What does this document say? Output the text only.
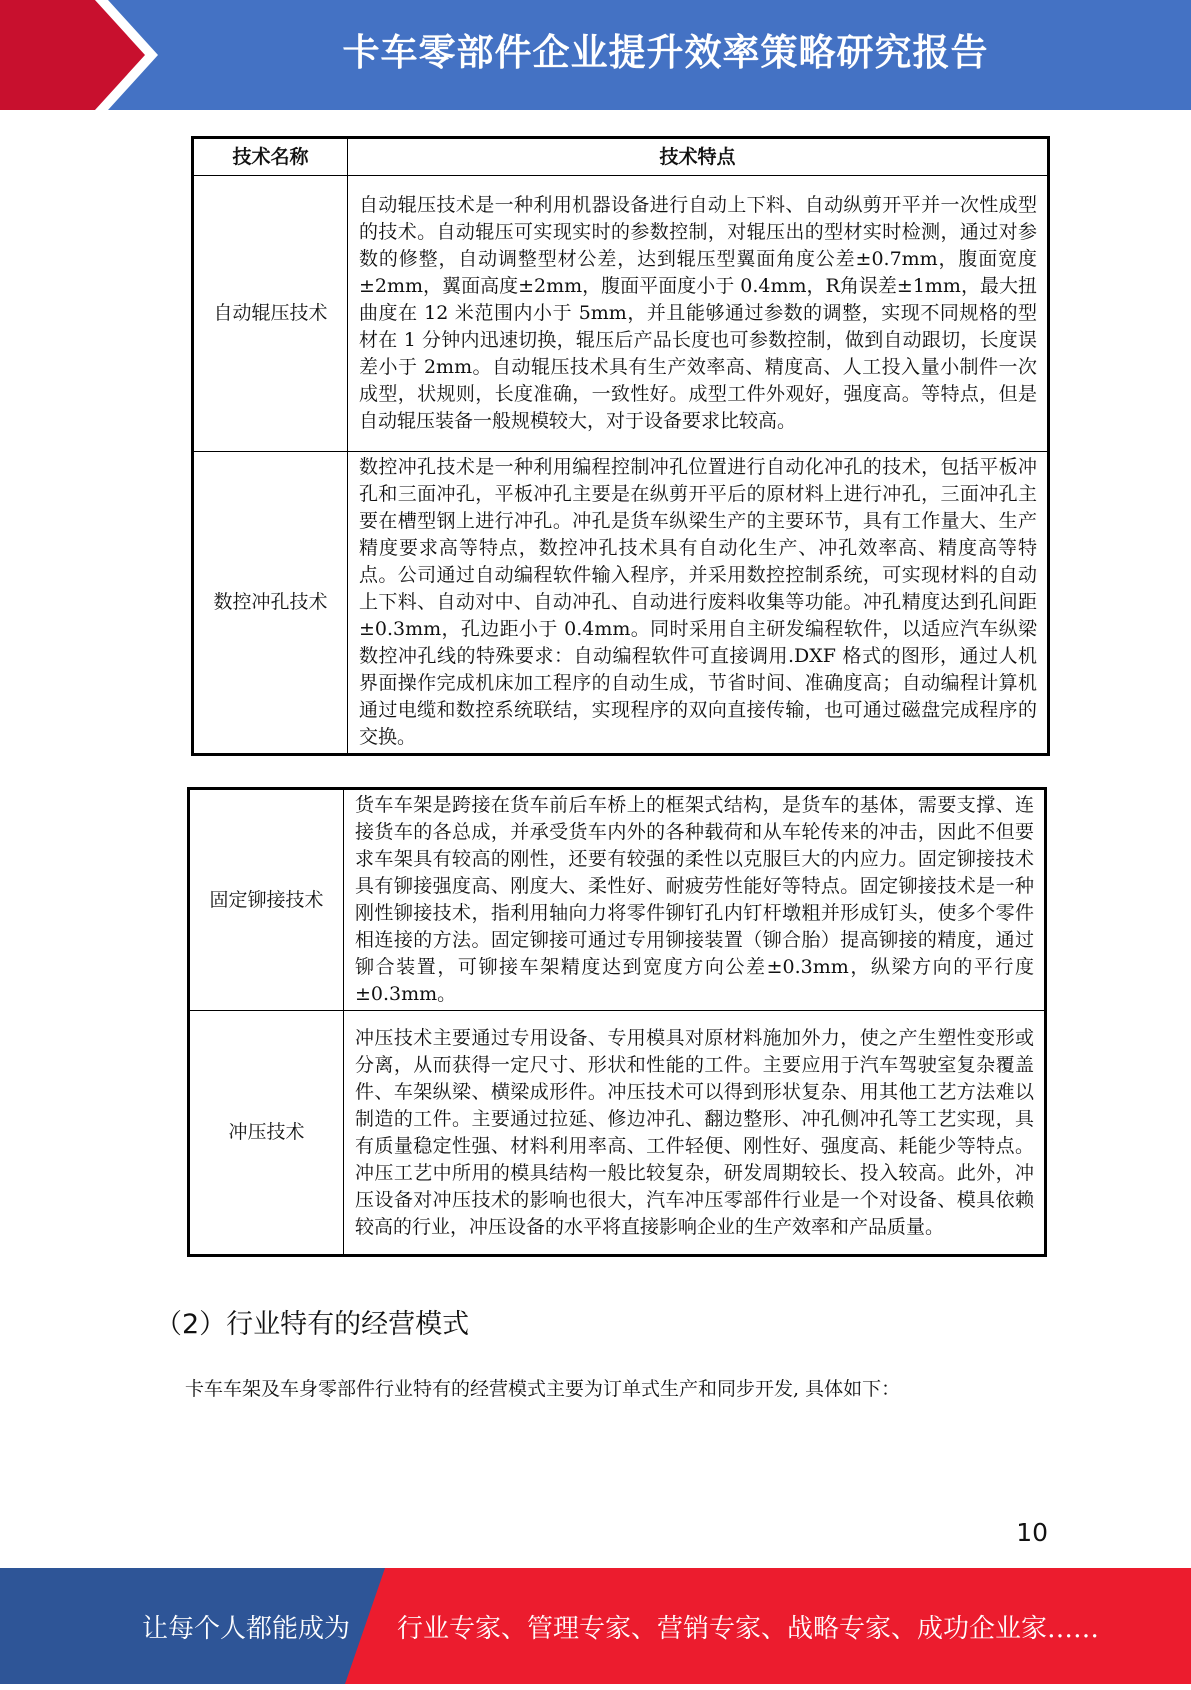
卡车零部件企业提升效率策略研究报告
技术名称	技术特点
自动辊压技术	自动辊压技术是一种利用机器设备进行自动上下料、自动纵剪开平并一次性成型的技术。自动辊压可实现实时的参数控制，对辊压出的型材实时检测，通过对参数的修整，自动调整型材公差，达到辊压型翼面角度公差±0.7mm，腹面宽度±2mm，翼面高度±2mm，腹面平面度小于 0.4mm，R角误差±1mm，最大扭曲度在 12 米范围内小于 5mm，并且能够通过参数的调整，实现不同规格的型材在 1 分钟内迅速切换，辊压后产品长度也可参数控制，做到自动跟切，长度误差小于 2mm。自动辊压技术具有生产效率高、精度高、人工投入量小制件一次成型，状规则，长度准确，一致性好。成型工件外观好，强度高。等特点，但是自动辊压装备一般规模较大，对于设备要求比较高。
数控冲孔技术	数控冲孔技术是一种利用编程控制冲孔位置进行自动化冲孔的技术，包括平板冲孔和三面冲孔，平板冲孔主要是在纵剪开平后的原材料上进行冲孔，三面冲孔主要在槽型钢上进行冲孔。冲孔是货车纵梁生产的主要环节，具有工作量大、生产精度要求高等特点，数控冲孔技术具有自动化生产、冲孔效率高、精度高等特点。公司通过自动编程软件输入程序，并采用数控控制系统，可实现材料的自动上下料、自动对中、自动冲孔、自动进行废料收集等功能。冲孔精度达到孔间距±0.3mm，孔边距小于 0.4mm。同时采用自主研发编程软件，以适应汽车纵梁数控冲孔线的特殊要求：自动编程软件可直接调用.DXF 格式的图形，通过人机界面操作完成机床加工程序的自动生成，节省时间、准确度高；自动编程计算机通过电缆和数控系统联结，实现程序的双向直接传输，也可通过磁盘完成程序的交换。
固定铆接技术	货车车架是跨接在货车前后车桥上的框架式结构，是货车的基体，需要支撑、连接货车的各总成，并承受货车内外的各种载荷和从车轮传来的冲击，因此不但要求车架具有较高的刚性，还要有较强的柔性以克服巨大的内应力。固定铆接技术具有铆接强度高、刚度大、柔性好、耐疲劳性能好等特点。固定铆接技术是一种刚性铆接技术，指利用轴向力将零件铆钉孔内钉杆墩粗并形成钉头，使多个零件相连接的方法。固定铆接可通过专用铆接装置（铆合胎）提高铆接的精度，通过铆合装置，可铆接车架精度达到宽度方向公差±0.3mm，纵梁方向的平行度±0.3mm。
冲压技术	冲压技术主要通过专用设备、专用模具对原材料施加外力，使之产生塑性变形或分离，从而获得一定尺寸、形状和性能的工件。主要应用于汽车驾驶室复杂覆盖件、车架纵梁、横梁成形件。冲压技术可以得到形状复杂、用其他工艺方法难以制造的工件。主要通过拉延、修边冲孔、翻边整形、冲孔侧冲孔等工艺实现，具有质量稳定性强、材料利用率高、工件轻便、刚性好、强度高、耗能少等特点。冲压工艺中所用的模具结构一般比较复杂，研发周期较长、投入较高。此外，冲压设备对冲压技术的影响也很大，汽车冲压零部件行业是一个对设备、模具依赖较高的行业，冲压设备的水平将直接影响企业的生产效率和产品质量。
（2）行业特有的经营模式
卡车车架及车身零部件行业特有的经营模式主要为订单式生产和同步开发, 具体如下：
10
让每个人都能成为 行业专家、管理专家、营销专家、战略专家、成功企业家……
